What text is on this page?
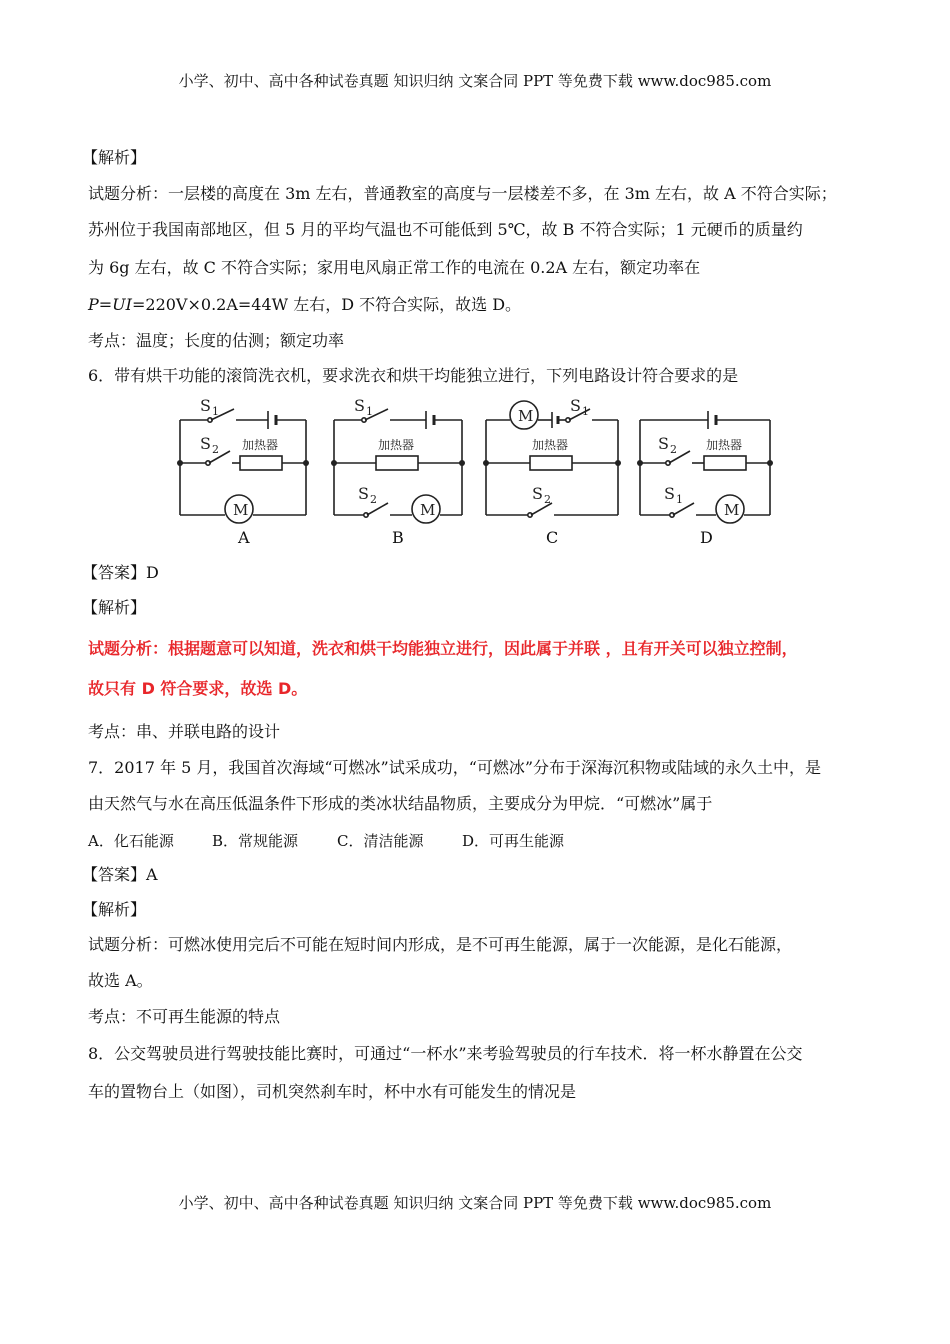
小学、初中、高中各种试卷真题 知识归纳 文案合同 PPT 等免费下载 www.doc985.com
【解析】
试题分析：一层楼的高度在 3m 左右，普通教室的高度与一层楼差不多，在 3m 左右，故 A 不符合实际；
苏州位于我国南部地区，但 5 月的平均气温也不可能低到 5℃，故 B 不符合实际；1 元硬币的质量约
为 6g 左右，故 C 不符合实际；家用电风扇正常工作的电流在 0.2A 左右，额定功率在
P=UI=220V×0.2A=44W 左右，D 不符合实际，故选 D。
考点：温度；长度的估测；额定功率
6．带有烘干功能的滚筒洗衣机，要求洗衣和烘干均能独立进行，下列电路设计符合要求的是
M
S 1
S 2 加热器
M
S 1
加热器
S 2
M
S 1
加热器
S 2
M
S 2 加热器
S 1
A	B	C	D
【答案】D
【解析】
试题分析：根据题意可以知道，洗衣和烘干均能独立进行，因此属于并联 ，且有开关可以独立控制，
故只有 D 符合要求，故选 D。
考点：串、并联电路的设计
7．2017 年 5 月，我国首次海域“可燃冰”试采成功，“可燃冰”分布于深海沉积物或陆域的永久土中，是
由天然气与水在高压低温条件下形成的类冰状结晶物质，主要成分为甲烷．“可燃冰”属于
A．化石能源	B．常规能源	C．清洁能源	D．可再生能源
【答案】A
【解析】
试题分析：可燃冰使用完后不可能在短时间内形成，是不可再生能源，属于一次能源，是化石能源，
故选 A。
考点：不可再生能源的特点
8．公交驾驶员进行驾驶技能比赛时，可通过“一杯水”来考验驾驶员的行车技术．将一杯水静置在公交
车的置物台上（如图），司机突然刹车时，杯中水有可能发生的情况是
小学、初中、高中各种试卷真题 知识归纳 文案合同 PPT 等免费下载 www.doc985.com
